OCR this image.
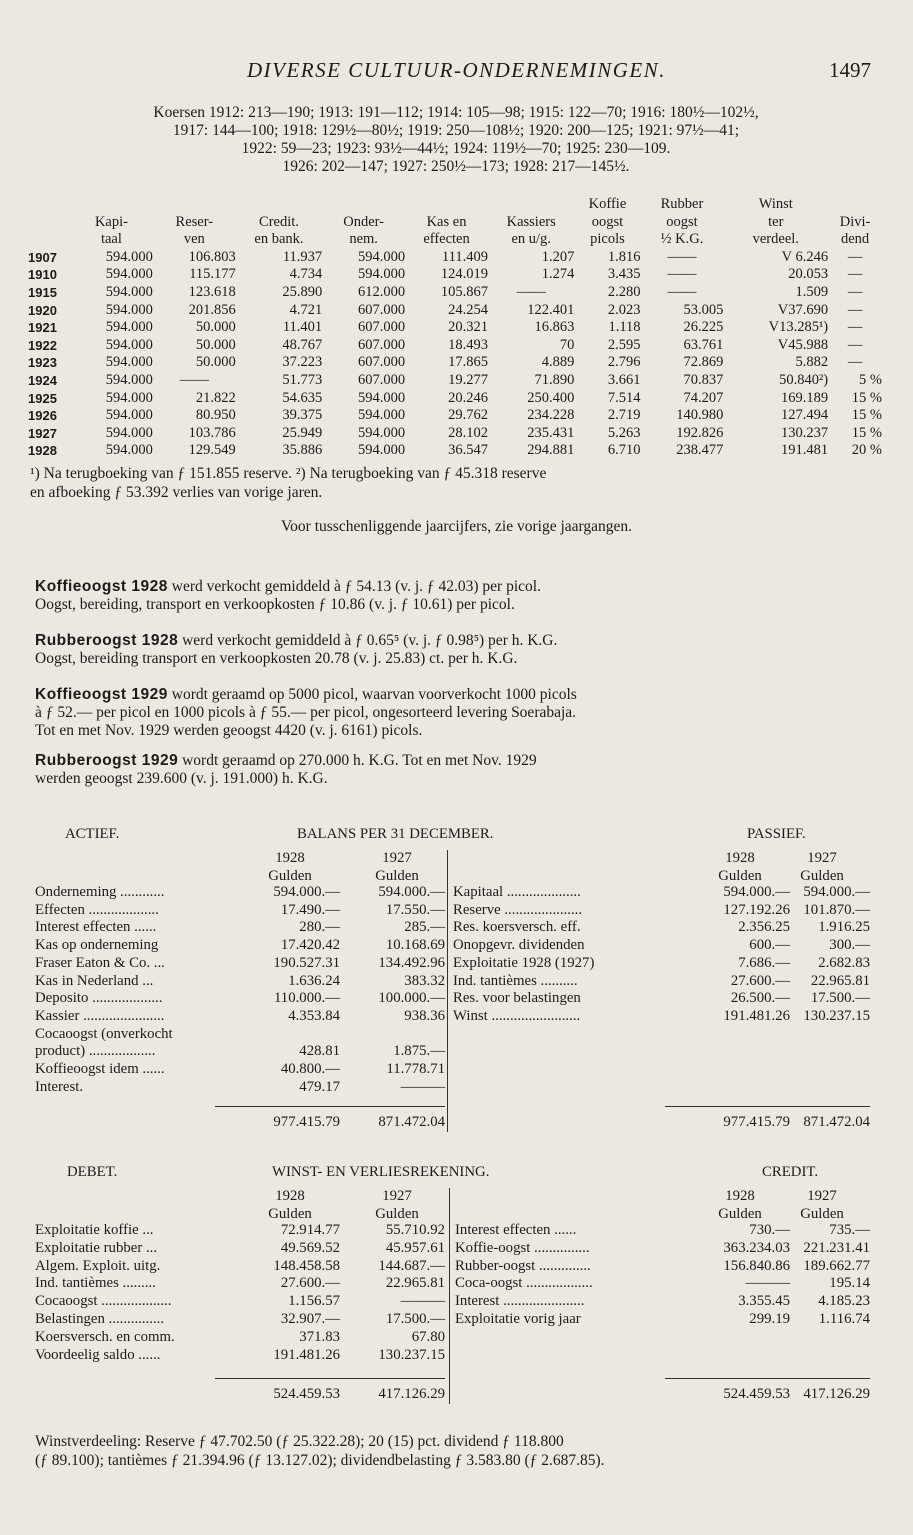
DIVERSE CULTUUR-ONDERNEMINGEN.	1497
Koersen 1912: 213—190; 1913: 191—112; 1914: 105—98; 1915: 122—70; 1916: 180½—102½,
1917: 144—100; 1918: 129½—80½; 1919: 250—108½; 1920: 200—125; 1921: 97½—41;
1922: 59—23; 1923: 93½—44½; 1924: 119½—70; 1925: 230—109.
1926: 202—147; 1927: 250½—173; 1928: 217—145½.
							Koffie	Rubber	Winst	
	Kapi-	Reser-	Credit.	Onder-	Kas en	Kassiers	oogst	oogst	ter	Divi-
	taal	ven	en bank.	nem.	effecten	en u/g.	picols	½ K.G.	verdeel.	dend
1907	594.000	106.803	11.937	594.000	111.409	1.207	1.816	——	V 6.246	—
1910	594.000	115.177	4.734	594.000	124.019	1.274	3.435	——	20.053	—
1915	594.000	123.618	25.890	612.000	105.867	——	2.280	——	1.509	—
1920	594.000	201.856	4.721	607.000	24.254	122.401	2.023	53.005	V37.690	—
1921	594.000	50.000	11.401	607.000	20.321	16.863	1.118	26.225	V13.285¹)	—
1922	594.000	50.000	48.767	607.000	18.493	70	2.595	63.761	V45.988	—
1923	594.000	50.000	37.223	607.000	17.865	4.889	2.796	72.869	5.882	—
1924	594.000	——	51.773	607.000	19.277	71.890	3.661	70.837	50.840²)	5 %
1925	594.000	21.822	54.635	594.000	20.246	250.400	7.514	74.207	169.189	15 %
1926	594.000	80.950	39.375	594.000	29.762	234.228	2.719	140.980	127.494	15 %
1927	594.000	103.786	25.949	594.000	28.102	235.431	5.263	192.826	130.237	15 %
1928	594.000	129.549	35.886	594.000	36.547	294.881	6.710	238.477	191.481	20 %
¹) Na terugboeking van ƒ 151.855 reserve. ²) Na terugboeking van ƒ 45.318 reserve
en afboeking ƒ 53.392 verlies van vorige jaren.
Voor tusschenliggende jaarcijfers, zie vorige jaargangen.
Koffieoogst 1928 werd verkocht gemiddeld à ƒ 54.13 (v. j. ƒ 42.03) per picol.
Oogst, bereiding, transport en verkoopkosten ƒ 10.86 (v. j. ƒ 10.61) per picol.
Rubberoogst 1928 werd verkocht gemiddeld à ƒ 0.65⁵ (v. j. ƒ 0.98⁵) per h. K.G.
Oogst, bereiding transport en verkoopkosten 20.78 (v. j. 25.83) ct. per h. K.G.
Koffieoogst 1929 wordt geraamd op 5000 picol, waarvan voorverkocht 1000 picols
à ƒ 52.— per picol en 1000 picols à ƒ 55.— per picol, ongesorteerd levering Soerabaja.
Tot en met Nov. 1929 werden geoogst 4420 (v. j. 6161) picols.
Rubberoogst 1929 wordt geraamd op 270.000 h. K.G. Tot en met Nov. 1929
werden geoogst 239.600 (v. j. 191.000) h. K.G.
ACTIEF.	BALANS PER 31 DECEMBER.	PASSIEF.
1928	1927
Gulden	Gulden
1928	1927
Gulden	Gulden
Onderneming ............	594.000.—	594.000.—
Effecten ...................	17.490.—	17.550.—
Interest effecten ......	280.—	285.—
Kas op onderneming	17.420.42	10.168.69
Fraser Eaton & Co. ...	190.527.31	134.492.96
Kas in Nederland ...	1.636.24	383.32
Deposito ...................	110.000.—	100.000.—
Kassier ......................	4.353.84	938.36
Cocaoogst (onverkocht
product) ..................	428.81	1.875.—
Koffieoogst idem ......	40.800.—	11.778.71
Interest.	479.17	———
Kapitaal ....................	594.000.— 594.000.—
Reserve .....................	127.192.26 101.870.—
Res. koersversch. eff.	2.356.25	1.916.25
Onopgevr. dividenden	600.—	300.—
Exploitatie 1928 (1927)	7.686.—	2.682.83
Ind. tantièmes ..........	27.600.—	22.965.81
Res. voor belastingen	26.500.—	17.500.—
Winst ........................	191.481.26 130.237.15
977.415.79	871.472.04	977.415.79 871.472.04
DEBET.	WINST- EN VERLIESREKENING.	CREDIT.
1928	1927
Gulden	Gulden
1928	1927
Gulden	Gulden
Exploitatie koffie ...	72.914.77	55.710.92
Exploitatie rubber ...	49.569.52	45.957.61
Algem. Exploit. uitg.	148.458.58	144.687.—
Ind. tantièmes .........	27.600.—	22.965.81
Cocaoogst ...................	1.156.57	———
Belastingen ...............	32.907.—	17.500.—
Koersversch. en comm.	371.83	67.80
Voordeelig saldo ......	191.481.26	130.237.15
Interest effecten ......	730.—	735.—
Koffie-oogst ...............	363.234.03 221.231.41
Rubber-oogst ..............	156.840.86 189.662.77
Coca-oogst ..................	———	195.14
Interest ......................	3.355.45	4.185.23
Exploitatie vorig jaar	299.19	1.116.74
524.459.53	417.126.29	524.459.53 417.126.29
Winstverdeeling: Reserve ƒ 47.702.50 (ƒ 25.322.28); 20 (15) pct. dividend ƒ 118.800
(ƒ 89.100); tantièmes ƒ 21.394.96 (ƒ 13.127.02); dividendbelasting ƒ 3.583.80 (ƒ 2.687.85).
